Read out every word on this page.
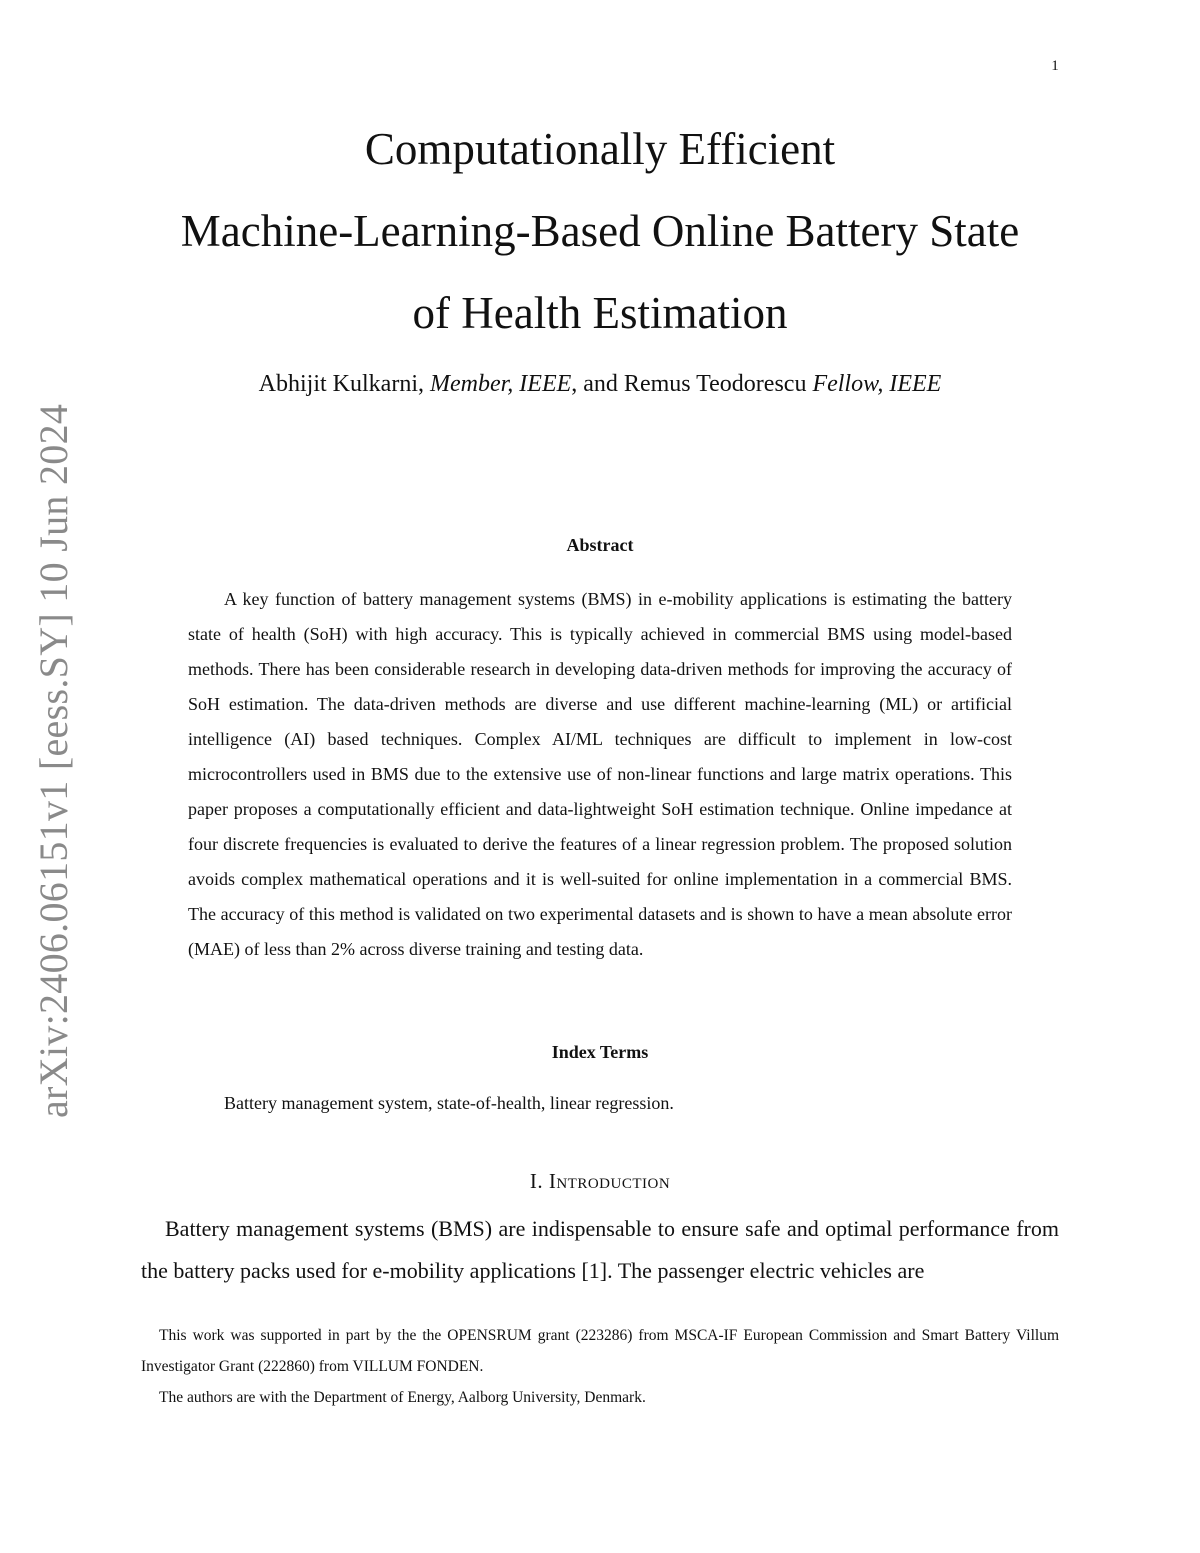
1
arXiv:2406.06151v1 [eess.SY] 10 Jun 2024
Computationally Efficient
Machine-Learning-Based Online Battery State
of Health Estimation
Abhijit Kulkarni, Member, IEEE, and Remus Teodorescu Fellow, IEEE
Abstract

A key function of battery management systems (BMS) in e-mobility applications is estimating the battery state of health (SoH) with high accuracy. This is typically achieved in commercial BMS using model-based methods. There has been considerable research in developing data-driven methods for improving the accuracy of SoH estimation. The data-driven methods are diverse and use different machine-learning (ML) or artificial intelligence (AI) based techniques. Complex AI/ML techniques are difficult to implement in low-cost microcontrollers used in BMS due to the extensive use of non-linear functions and large matrix operations. This paper proposes a computationally efficient and data-lightweight SoH estimation technique. Online impedance at four discrete frequencies is evaluated to derive the features of a linear regression problem. The proposed solution avoids complex mathematical operations and it is well-suited for online implementation in a commercial BMS. The accuracy of this method is validated on two experimental datasets and is shown to have a mean absolute error (MAE) of less than 2% across diverse training and testing data.

Index Terms

Battery management system, state-of-health, linear regression.

I. Introduction

Battery management systems (BMS) are indispensable to ensure safe and optimal performance from the battery packs used for e-mobility applications [1]. The passenger electric vehicles are

This work was supported in part by the the OPENSRUM grant (223286) from MSCA-IF European Commission and Smart Battery Villum Investigator Grant (222860) from VILLUM FONDEN.

The authors are with the Department of Energy, Aalborg University, Denmark.
